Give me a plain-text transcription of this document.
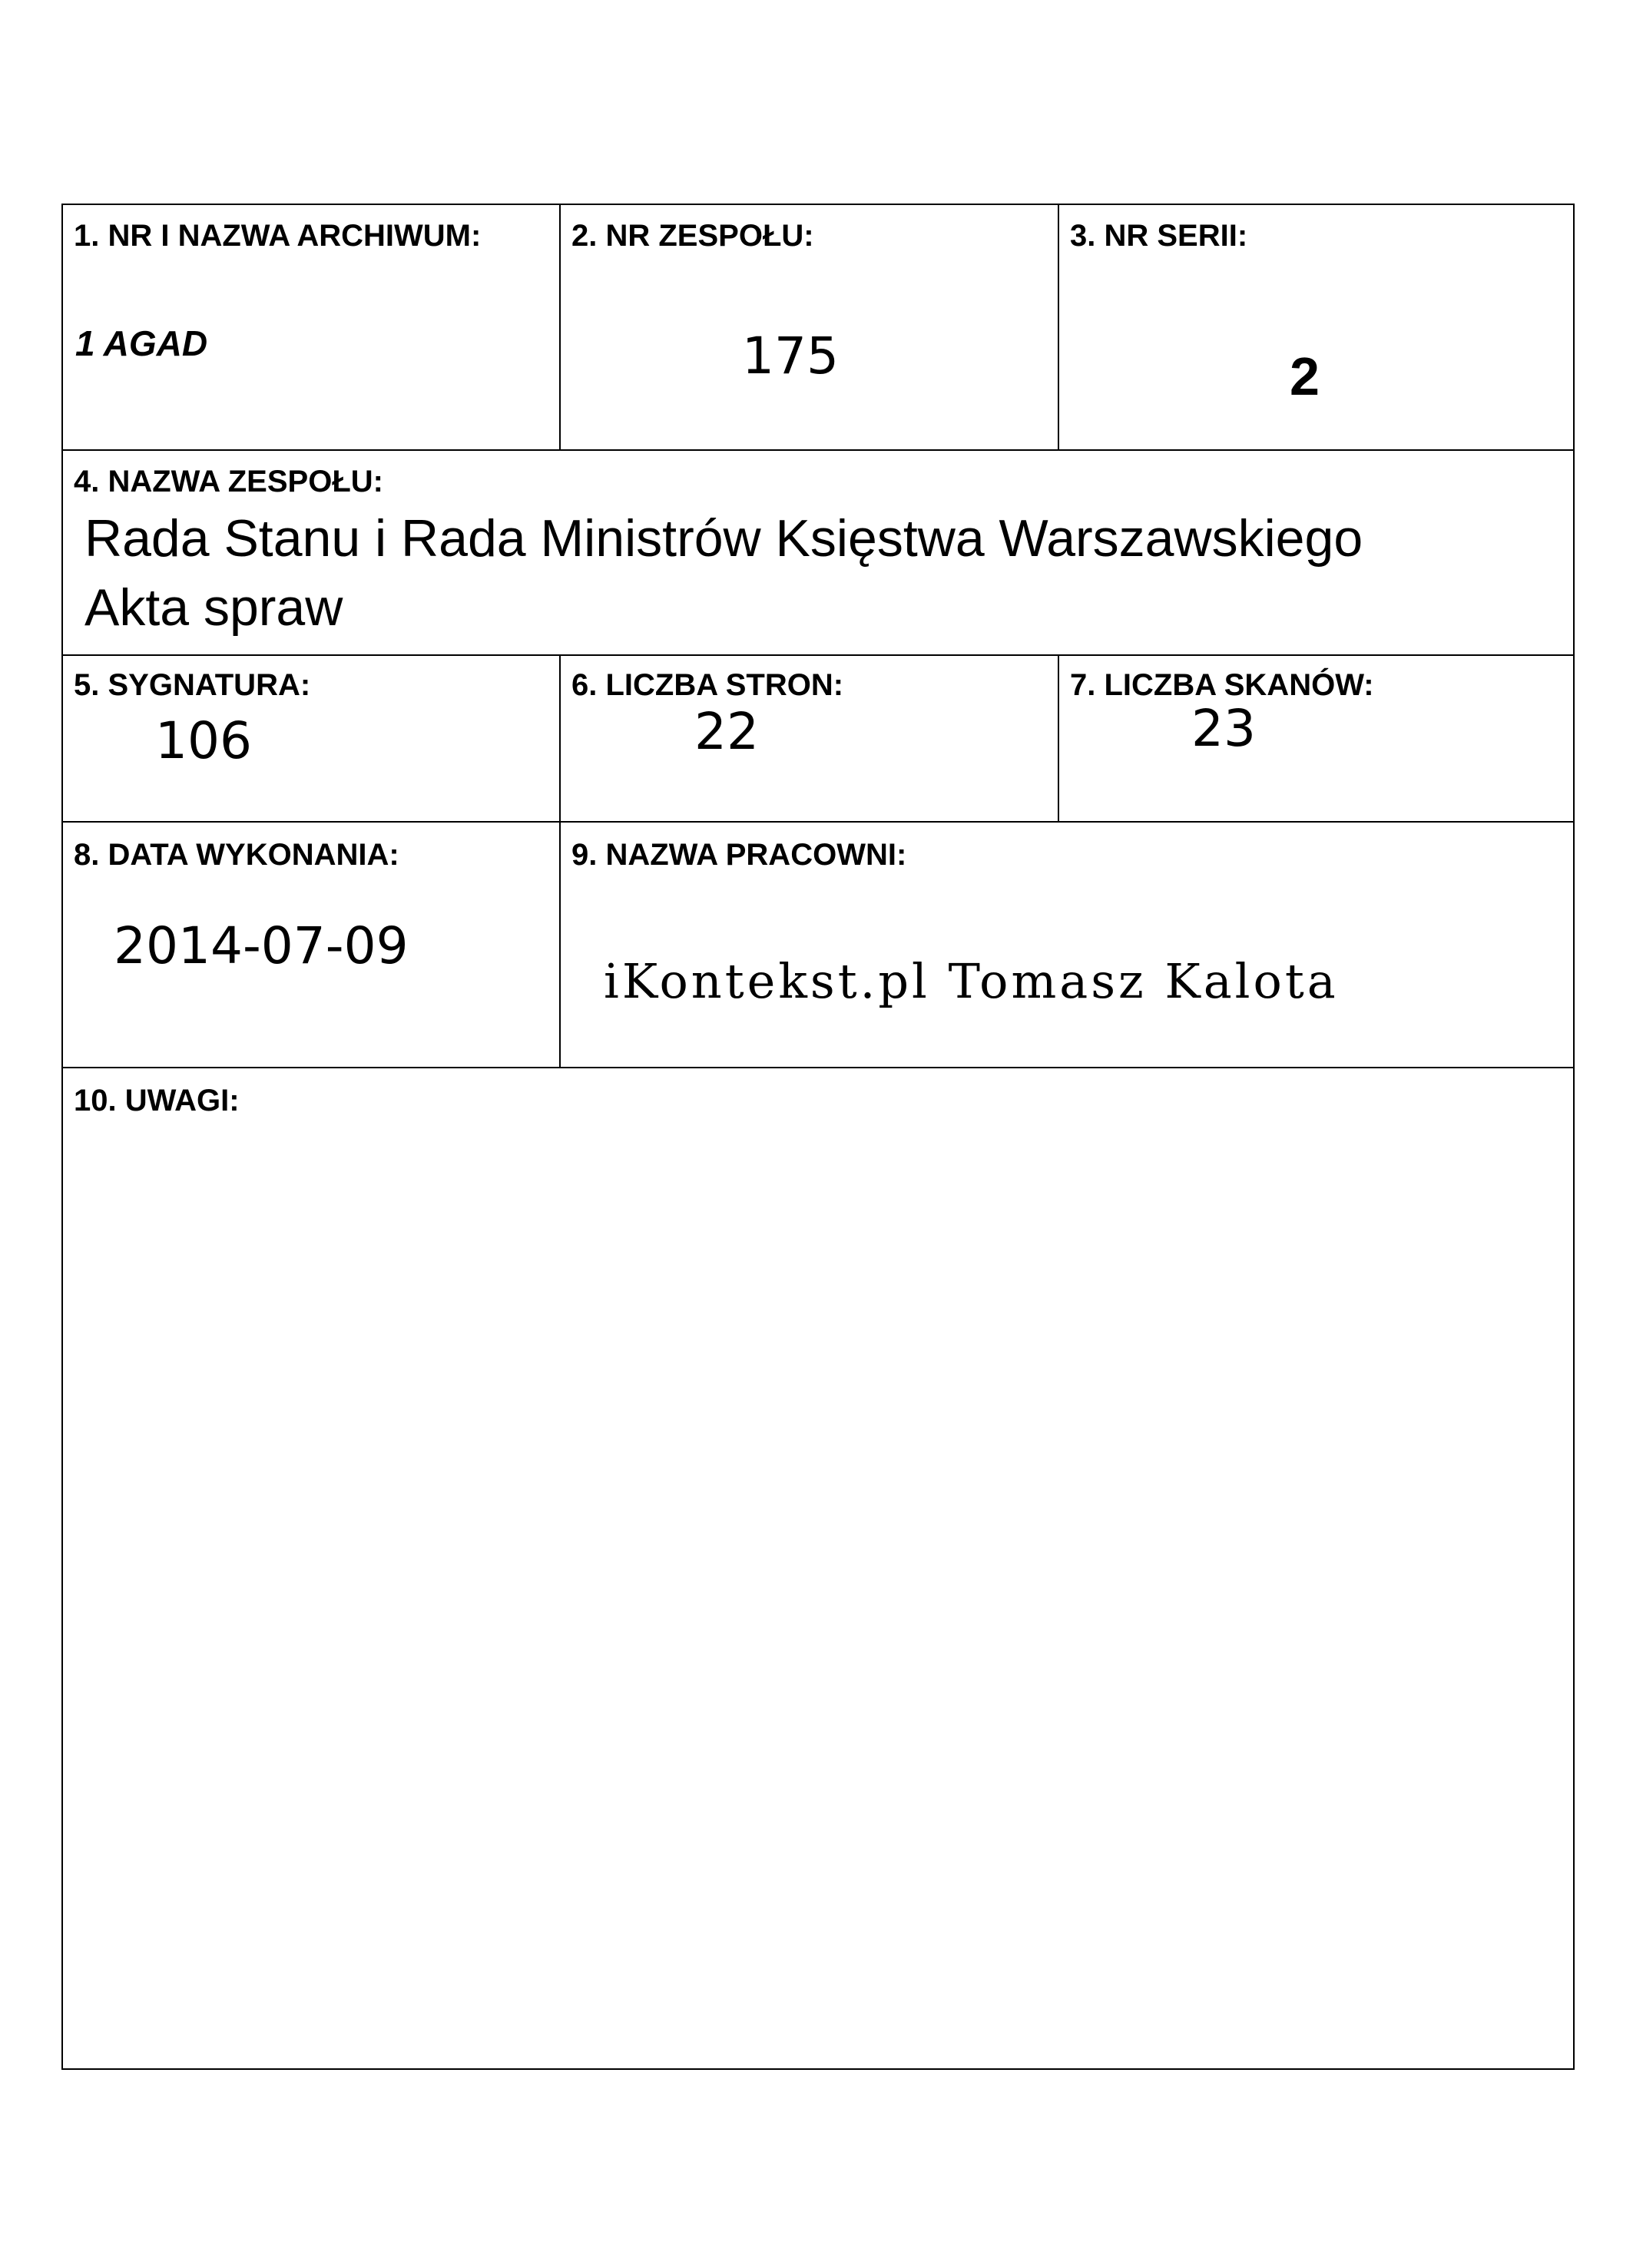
1. NR I NAZWA ARCHIWUM:
1 AGAD
2. NR ZESPOŁU:
175
3. NR SERII:
2
4. NAZWA ZESPOŁU:
Rada Stanu i Rada Ministrów Księstwa Warszawskiego
Akta spraw
5. SYGNATURA:
106
6. LICZBA STRON:
22
7. LICZBA SKANÓW:
23
8. DATA WYKONANIA:
2014-07-09
9. NAZWA PRACOWNI:
iKontekst.pl Tomasz Kalota
10. UWAGI:
